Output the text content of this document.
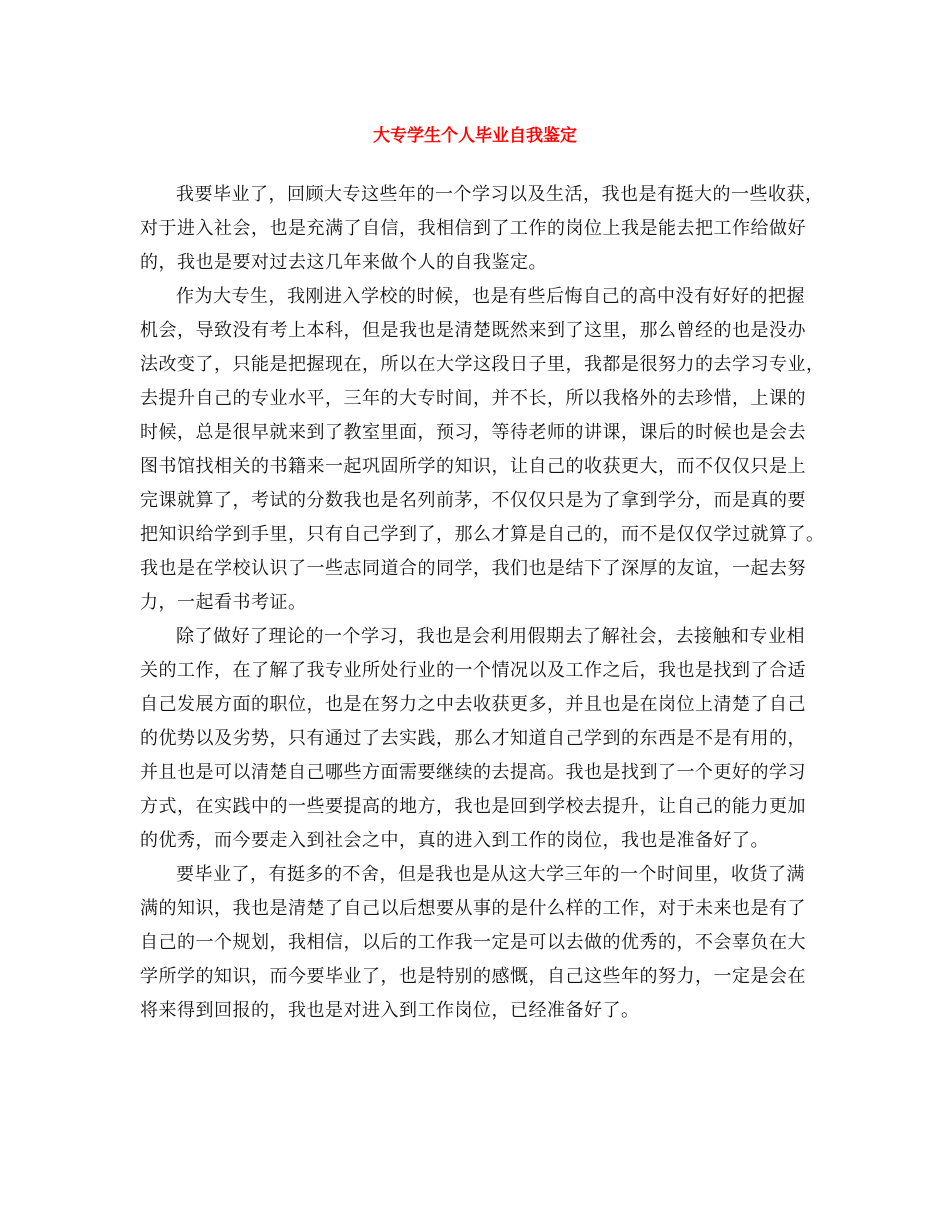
大专学生个人毕业自我鉴定
我要毕业了，回顾大专这些年的一个学习以及生活，我也是有挺大的一些收获，
对于进入社会，也是充满了自信，我相信到了工作的岗位上我是能去把工作给做好
的，我也是要对过去这几年来做个人的自我鉴定。
作为大专生，我刚进入学校的时候，也是有些后悔自己的高中没有好好的把握
机会，导致没有考上本科，但是我也是清楚既然来到了这里，那么曾经的也是没办
法改变了，只能是把握现在，所以在大学这段日子里，我都是很努力的去学习专业，
去提升自己的专业水平，三年的大专时间，并不长，所以我格外的去珍惜，上课的
时候，总是很早就来到了教室里面，预习，等待老师的讲课，课后的时候也是会去
图书馆找相关的书籍来一起巩固所学的知识，让自己的收获更大，而不仅仅只是上
完课就算了，考试的分数我也是名列前茅，不仅仅只是为了拿到学分，而是真的要
把知识给学到手里，只有自己学到了，那么才算是自己的，而不是仅仅学过就算了。
我也是在学校认识了一些志同道合的同学，我们也是结下了深厚的友谊，一起去努
力，一起看书考证。
除了做好了理论的一个学习，我也是会利用假期去了解社会，去接触和专业相
关的工作，在了解了我专业所处行业的一个情况以及工作之后，我也是找到了合适
自己发展方面的职位，也是在努力之中去收获更多，并且也是在岗位上清楚了自己
的优势以及劣势，只有通过了去实践，那么才知道自己学到的东西是不是有用的，
并且也是可以清楚自己哪些方面需要继续的去提高。我也是找到了一个更好的学习
方式，在实践中的一些要提高的地方，我也是回到学校去提升，让自己的能力更加
的优秀，而今要走入到社会之中，真的进入到工作的岗位，我也是准备好了。
要毕业了，有挺多的不舍，但是我也是从这大学三年的一个时间里，收货了满
满的知识，我也是清楚了自己以后想要从事的是什么样的工作，对于未来也是有了
自己的一个规划，我相信，以后的工作我一定是可以去做的优秀的，不会辜负在大
学所学的知识，而今要毕业了，也是特别的感慨，自己这些年的努力，一定是会在
将来得到回报的，我也是对进入到工作岗位，已经准备好了。
